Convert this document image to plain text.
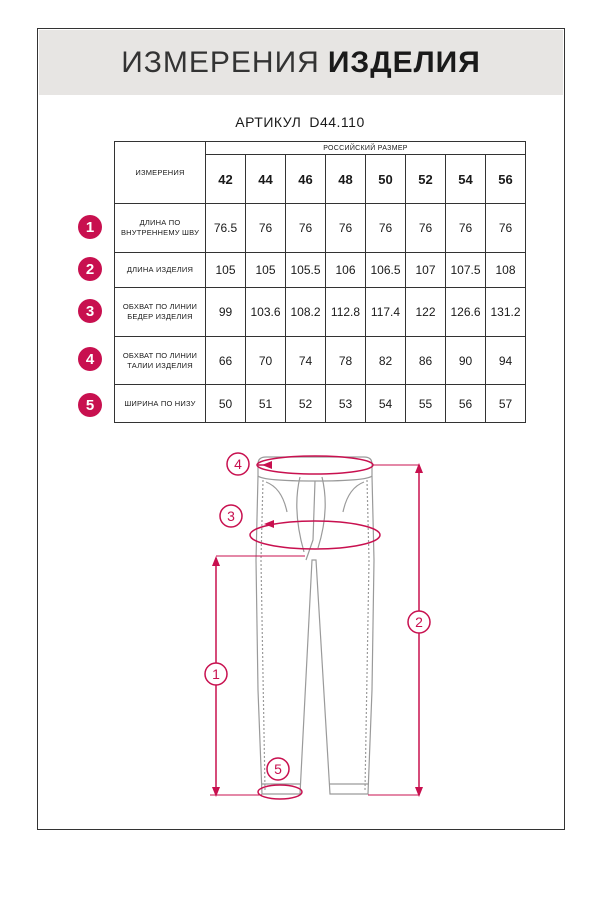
ИЗМЕРЕНИЯ ИЗДЕЛИЯ
АРТИКУЛ D44.110
ИЗМЕРЕНИЯ	РОССИЙСКИЙ РАЗМЕР							
	42	44	46	48	50	52	54	56
ДЛИНА ПО ВНУТРЕННЕМУ ШВУ	76.5	76	76	76	76	76	76	76
ДЛИНА ИЗДЕЛИЯ	105	105	105.5	106	106.5	107	107.5	108
ОБХВАТ ПО ЛИНИИ БЕДЕР ИЗДЕЛИЯ	99	103.6	108.2	112.8	117.4	122	126.6	131.2
ОБХВАТ ПО ЛИНИИ ТАЛИИ ИЗДЕЛИЯ	66	70	74	78	82	86	90	94
ШИРИНА ПО НИЗУ	50	51	52	53	54	55	56	57
1
2
3
4
5
4
3
2
1
5
